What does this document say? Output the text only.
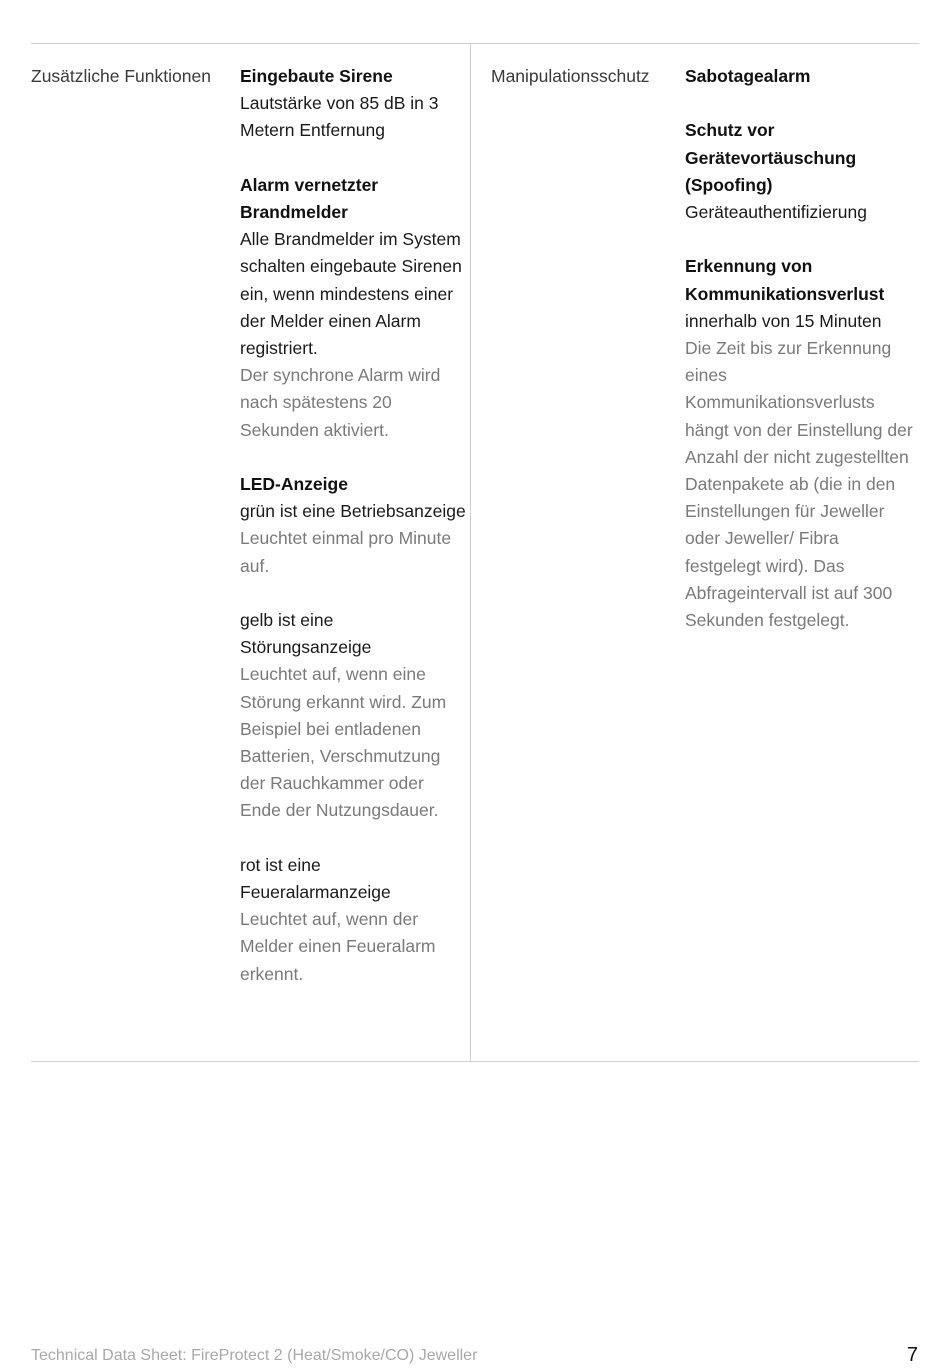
Zusätzliche Funktionen Eingebaute Sirene
Lautstärke von 85 dB in 3 Metern Entfernung
Alarm vernetzter Brandmelder
Alle Brandmelder im System schalten eingebaute Sirenen ein, wenn mindestens einer der Melder einen Alarm registriert.
Der synchrone Alarm wird nach spätestens 20 Sekunden aktiviert.
LED-Anzeige
grün ist eine Betriebsanzeige
Leuchtet einmal pro Minute auf.
gelb ist eine Störungsanzeige
Leuchtet auf, wenn eine Störung erkannt wird. Zum Beispiel bei entladenen Batterien, Verschmutzung der Rauchkammer oder Ende der Nutzungsdauer.
rot ist eine Feueralarmanzeige
Leuchtet auf, wenn der Melder einen Feueralarm erkennt.
Manipulationsschutz	Sabotagealarm
Schutz vor Gerätevortäuschung (Spoofing)
Geräteauthentifizierung
Erkennung von Kommunikationsverlust
innerhalb von 15 Minuten
Die Zeit bis zur Erkennung eines Kommunikationsverlusts hängt von der Einstellung der Anzahl der nicht zugestellten Datenpakete ab (die in den Einstellungen für Jeweller oder Jeweller/ Fibra festgelegt wird). Das Abfrageintervall ist auf 300 Sekunden festgelegt.
Technical Data Sheet: FireProtect 2 (Heat/Smoke/CO) Jeweller	7
